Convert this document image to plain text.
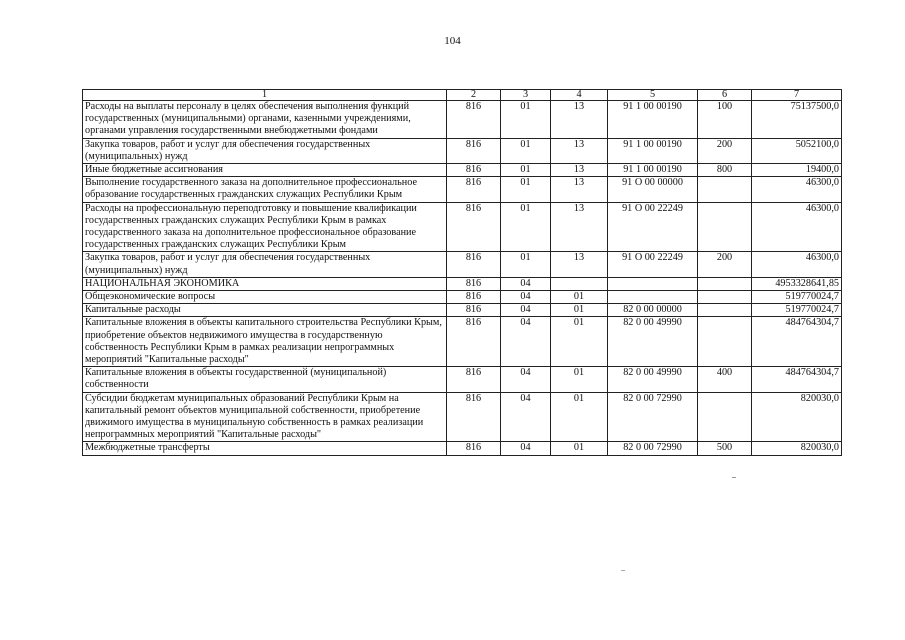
104
1	2	3	4	5	6	7
Расходы на выплаты персоналу в целях обеспечения выполнения функций государственных (муниципальными) органами, казенными учреждениями, органами управления государственными внебюджетными фондами	816	01	13	91 1 00 00190	100	75137500,0
Закупка товаров, работ и услуг для обеспечения государственных (муниципальных) нужд	816	01	13	91 1 00 00190	200	5052100,0
Иные бюджетные ассигнования	816	01	13	91 1 00 00190	800	19400,0
Выполнение государственного заказа на дополнительное профессиональное образование государственных гражданских служащих Республики Крым	816	01	13	91 О 00 00000		46300,0
Расходы на профессиональную переподготовку и повышение квалификации государственных гражданских служащих Республики Крым в рамках государственного заказа на дополнительное профессиональное образование государственных гражданских служащих Республики Крым	816	01	13	91 О 00 22249		46300,0
Закупка товаров, работ и услуг для обеспечения государственных (муниципальных) нужд	816	01	13	91 О 00 22249	200	46300,0
НАЦИОНАЛЬНАЯ ЭКОНОМИКА	816	04				4953328641,85
Общеэкономические вопросы	816	04	01			519770024,7
Капитальные расходы	816	04	01	82 0 00 00000		519770024,7
Капитальные вложения в объекты капитального строительства Республики Крым, приобретение объектов недвижимого имущества в государственную собственность Республики Крым в рамках реализации непрограммных мероприятий "Капитальные расходы"	816	04	01	82 0 00 49990		484764304,7
Капитальные вложения в объекты государственной (муниципальной) собственности	816	04	01	82 0 00 49990	400	484764304,7
Субсидии бюджетам муниципальных образований Республики Крым на капитальный ремонт объектов муниципальной собственности, приобретение движимого имущества в муниципальную собственность в рамках реализации непрограммных мероприятий "Капитальные расходы"	816	04	01	82 0 00 72990		820030,0
Межбюджетные трансферты	816	04	01	82 0 00 72990	500	820030,0
